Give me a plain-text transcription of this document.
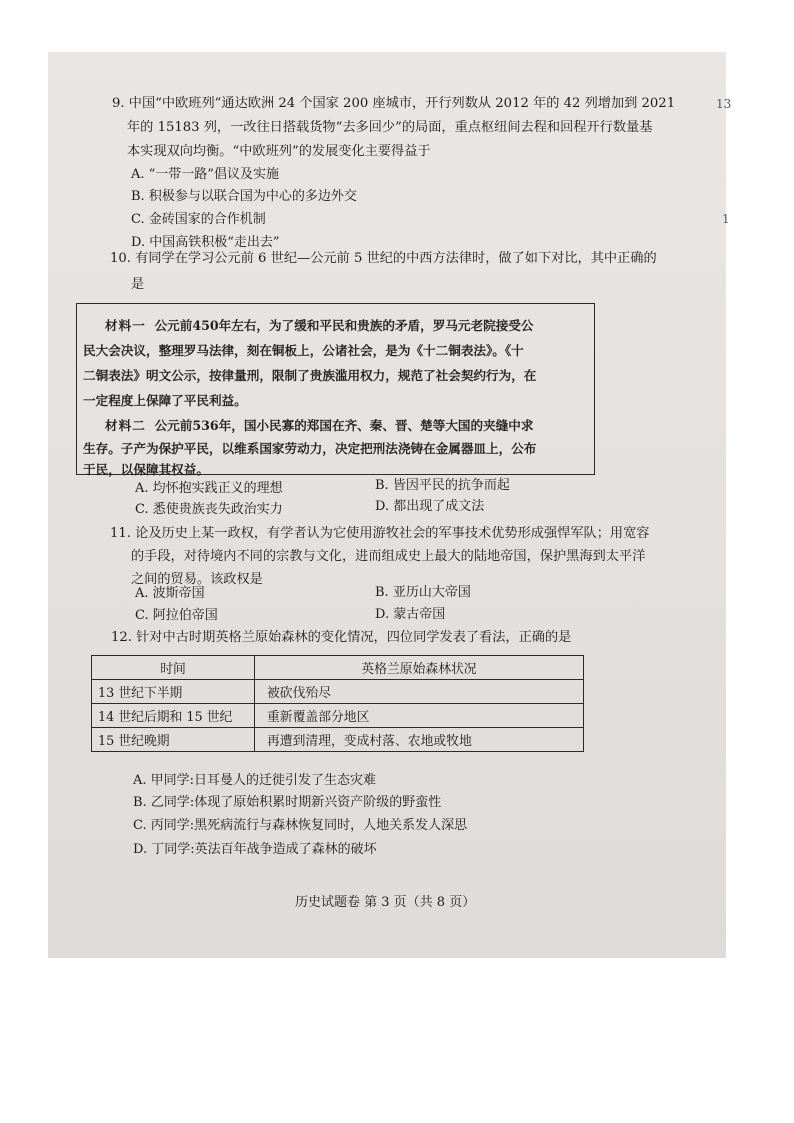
13
1
9. 中国“中欧班列”通达欧洲 24 个国家 200 座城市，开行列数从 2012 年的 42 列增加到 2021
年的 15183 列，一改往日搭载货物“去多回少”的局面，重点枢纽间去程和回程开行数量基
本实现双向均衡。“中欧班列”的发展变化主要得益于
A. “一带一路”倡议及实施
B. 积极参与以联合国为中心的多边外交
C. 金砖国家的合作机制
D. 中国高铁积极“走出去”
10. 有同学在学习公元前 6 世纪—公元前 5 世纪的中西方法律时，做了如下对比，其中正确的
是
材料一 公元前450年左右，为了缓和平民和贵族的矛盾，罗马元老院接受公
民大会决议，整理罗马法律，刻在铜板上，公诸社会，是为《十二铜表法》。《十
二铜表法》明文公示，按律量刑，限制了贵族滥用权力，规范了社会契约行为，在
一定程度上保障了平民利益。
材料二 公元前536年，国小民寡的郑国在齐、秦、晋、楚等大国的夹缝中求
生存。子产为保护平民，以维系国家劳动力，决定把刑法浇铸在金属器皿上，公布
于民，以保障其权益。
A. 均怀抱实践正义的理想	B. 皆因平民的抗争而起
C. 悉使贵族丧失政治实力	D. 都出现了成文法
11. 论及历史上某一政权，有学者认为它使用游牧社会的军事技术优势形成强悍军队；用宽容
的手段，对待境内不同的宗教与文化，进而组成史上最大的陆地帝国，保护黑海到太平洋
之间的贸易。该政权是
A. 波斯帝国	B. 亚历山大帝国
C. 阿拉伯帝国	D. 蒙古帝国
12. 针对中古时期英格兰原始森林的变化情况，四位同学发表了看法，正确的是
时间	英格兰原始森林状况
13 世纪下半期	被砍伐殆尽
14 世纪后期和 15 世纪	重新覆盖部分地区
15 世纪晚期	再遭到清理，变成村落、农地或牧地
A. 甲同学:日耳曼人的迁徙引发了生态灾难
B. 乙同学:体现了原始积累时期新兴资产阶级的野蛮性
C. 丙同学:黑死病流行与森林恢复同时，人地关系发人深思
D. 丁同学:英法百年战争造成了森林的破坏
历史试题卷 第 3 页（共 8 页）
